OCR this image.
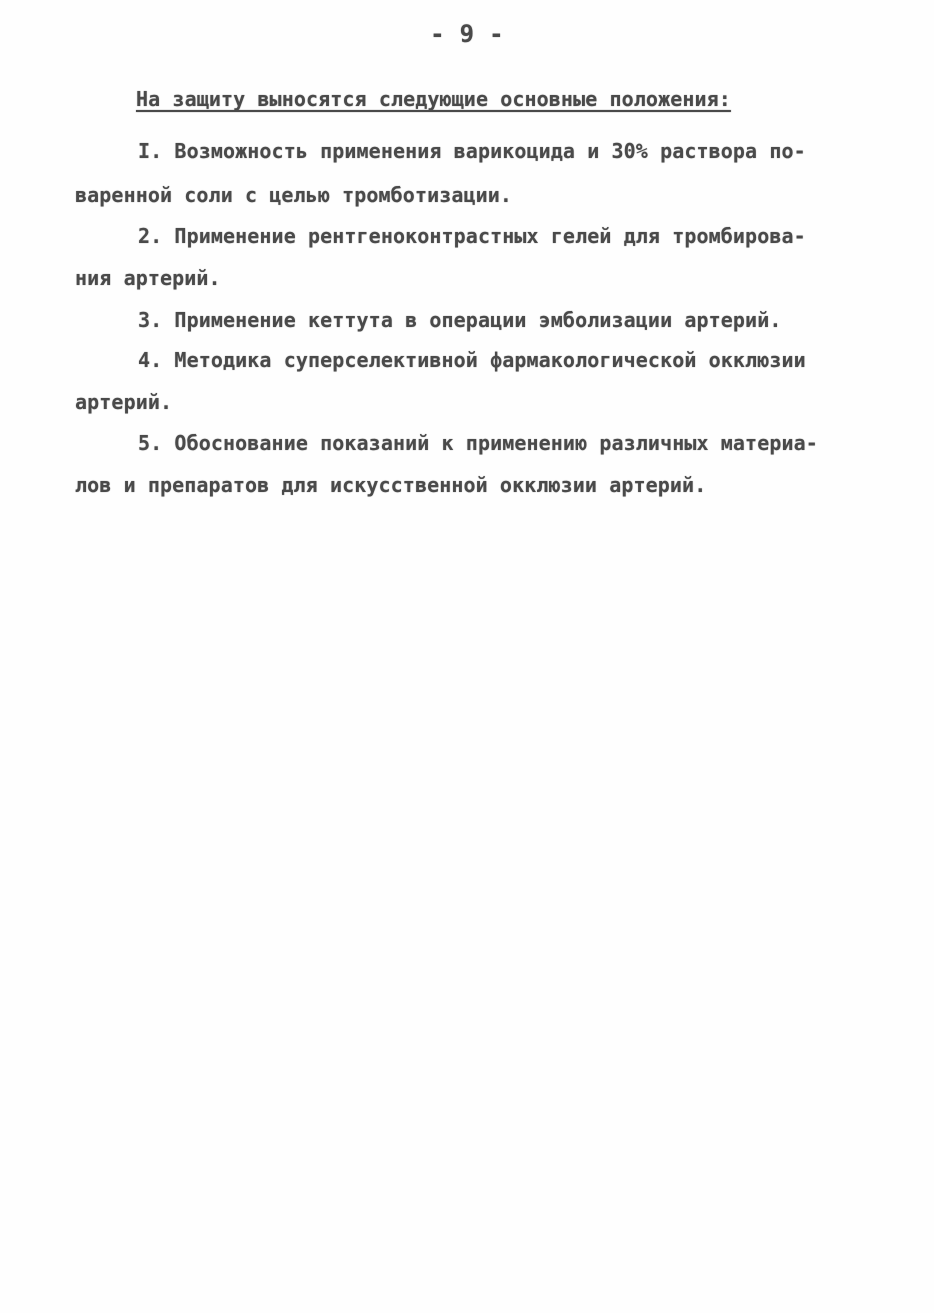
- 9 -
На защиту выносятся следующие основные положения:
I. Возможность применения варикоцида и 30% раствора по-
варенной соли с целью тромботизации.
2. Применение рентгеноконтрастных гелей для тромбирова-
ния артерий.
3. Применение кеттута в операции эмболизации артерий.
4. Методика суперселективной фармакологической окклюзии
артерий.
5. Обоснование показаний к применению различных материа-
лов и препаратов для искусственной окклюзии артерий.
